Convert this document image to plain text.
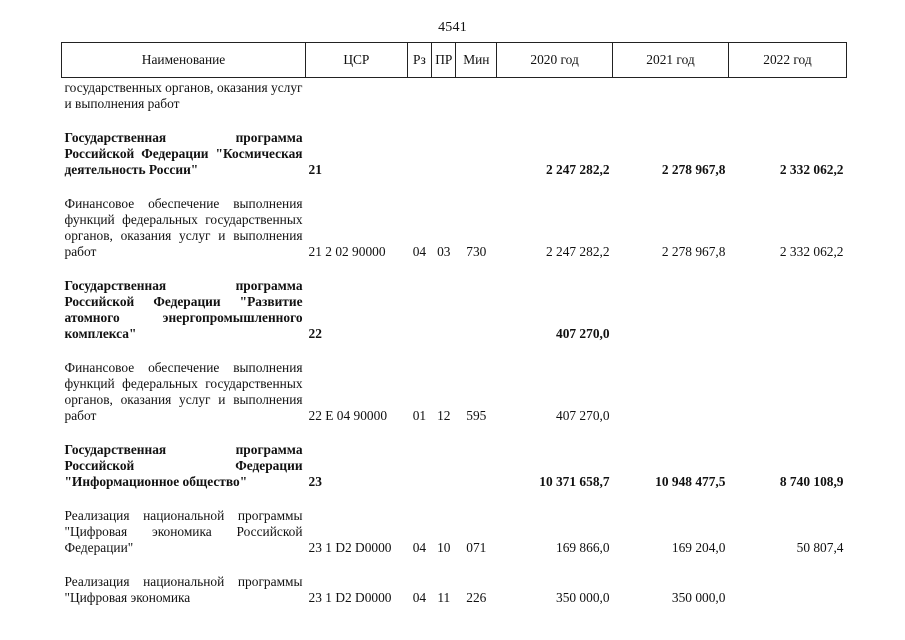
4541
Наименование	ЦСР	Рз	ПР	Мин	2020 год	2021 год	2022 год
государственных органов, оказания услуг и выполнения работ							

Государственная программа Российской Федерации "Космическая деятельность России"	21				2 247 282,2	2 278 967,8	2 332 062,2

Финансовое обеспечение выполнения функций федеральных государственных органов, оказания услуг и выполнения работ	21 2 02 90000	04	03	730	2 247 282,2	2 278 967,8	2 332 062,2

Государственная программа Российской Федерации "Развитие атомного энергопромышленного комплекса"	22				407 270,0		

Финансовое обеспечение выполнения функций федеральных государственных органов, оказания услуг и выполнения работ	22 Е 04 90000	01	12	595	407 270,0		

Государственная программа Российской Федерации "Информационное общество"	23				10 371 658,7	10 948 477,5	8 740 108,9

Реализация национальной программы "Цифровая экономика Российской Федерации"	23 1 D2 D0000	04	10	071	169 866,0	169 204,0	50 807,4

Реализация национальной программы "Цифровая экономика	23 1 D2 D0000	04	11	226	350 000,0	350 000,0	
